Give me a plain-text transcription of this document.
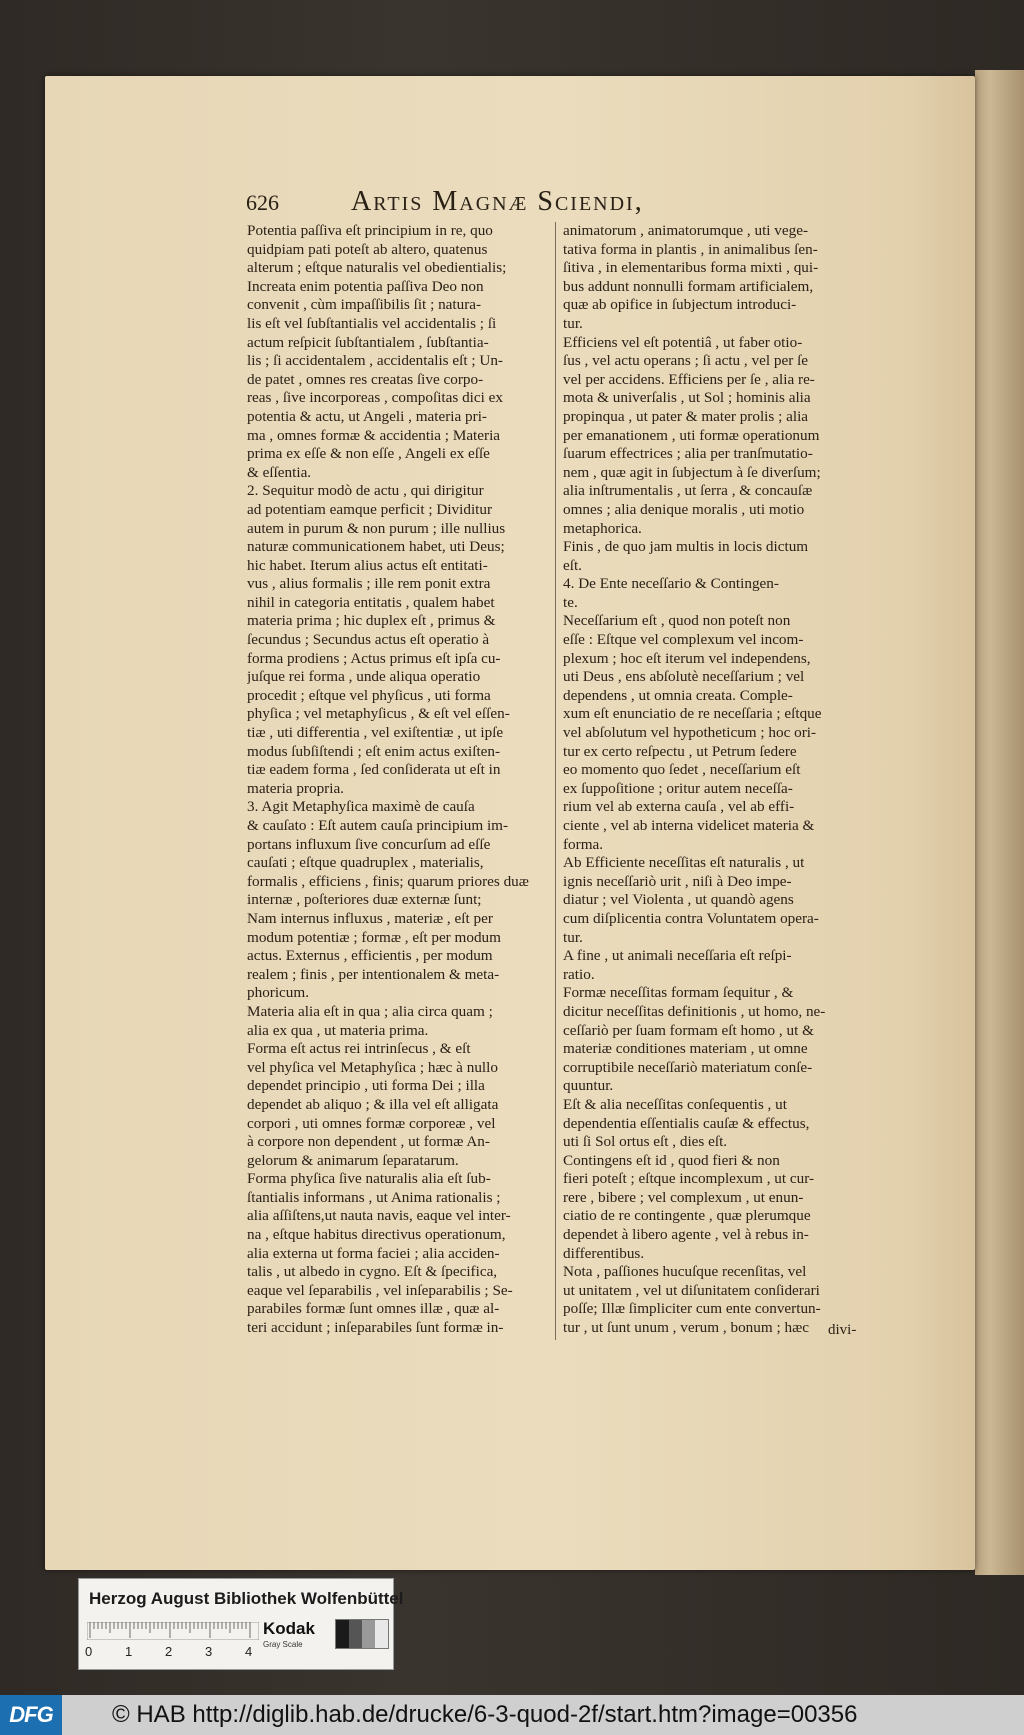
626	Artis Magnæ Sciendi,
Potentia paſſiva eſt principium in re, quo
quidpiam pati poteſt ab altero, quatenus
alterum ; eſtque naturalis vel obedientialis;
Increata enim potentia paſſiva Deo non
convenit , cùm impaſſibilis ſit ; natura-
lis eſt vel ſubſtantialis vel accidentalis ; ſi
actum reſpicit ſubſtantialem , ſubſtantia-
lis ; ſi accidentalem , accidentalis eſt ; Un-
de patet , omnes res creatas ſive corpo-
reas , ſive incorporeas , compoſitas dici ex
potentia & actu, ut Angeli , materia pri-
ma , omnes formæ & accidentia ; Materia
prima ex eſſe & non eſſe , Angeli ex eſſe
& eſſentia.
2. Sequitur modò de actu , qui dirigitur
ad potentiam eamque perficit ; Dividitur
autem in purum & non purum ; ille nullius
naturæ communicationem habet, uti Deus;
hic habet. Iterum alius actus eſt entitati-
vus , alius formalis ; ille rem ponit extra
nihil in categoria entitatis , qualem habet
materia prima ; hic duplex eſt , primus &
ſecundus ; Secundus actus eſt operatio à
forma prodiens ; Actus primus eſt ipſa cu-
juſque rei forma , unde aliqua operatio
procedit ; eſtque vel phyſicus , uti forma
phyſica ; vel metaphyſicus , & eſt vel eſſen-
tiæ , uti differentia , vel exiſtentiæ , ut ipſe
modus ſubſiſtendi ; eſt enim actus exiſten-
tiæ eadem forma , ſed conſiderata ut eſt in
materia propria.
3. Agit Metaphyſica maximè de cauſa
& cauſato : Eſt autem cauſa principium im-
portans influxum ſive concurſum ad eſſe
cauſati ; eſtque quadruplex , materialis,
formalis , efficiens , finis; quarum priores duæ
internæ , poſteriores duæ externæ ſunt;
Nam internus influxus , materiæ , eſt per
modum potentiæ ; formæ , eſt per modum
actus. Externus , efficientis , per modum
realem ; finis , per intentionalem & meta-
phoricum.
Materia alia eſt in qua ; alia circa quam ;
alia ex qua , ut materia prima.
Forma eſt actus rei intrinſecus , & eſt
vel phyſica vel Metaphyſica ; hæc à nullo
dependet principio , uti forma Dei ; illa
dependet ab aliquo ; & illa vel eſt alligata
corpori , uti omnes formæ corporeæ , vel
à corpore non dependent , ut formæ An-
gelorum & animarum ſeparatarum.
Forma phyſica ſive naturalis alia eſt ſub-
ſtantialis informans , ut Anima rationalis ;
alia aſſiſtens,ut nauta navis, eaque vel inter-
na , eſtque habitus directivus operationum,
alia externa ut forma faciei ; alia acciden-
talis , ut albedo in cygno. Eſt & ſpecifica,
eaque vel ſeparabilis , vel inſeparabilis ; Se-
parabiles formæ ſunt omnes illæ , quæ al-
teri accidunt ; inſeparabiles ſunt formæ in-
animatorum , animatorumque , uti vege-
tativa forma in plantis , in animalibus ſen-
ſitiva , in elementaribus forma mixti , qui-
bus addunt nonnulli formam artificialem,
quæ ab opifice in ſubjectum introduci-
tur.
Efficiens vel eſt potentiâ , ut faber otio-
ſus , vel actu operans ; ſi actu , vel per ſe
vel per accidens. Efficiens per ſe , alia re-
mota & univerſalis , ut Sol ; hominis alia
propinqua , ut pater & mater prolis ; alia
per emanationem , uti formæ operationum
ſuarum effectrices ; alia per tranſmutatio-
nem , quæ agit in ſubjectum à ſe diverſum;
alia inſtrumentalis , ut ſerra , & concauſæ
omnes ; alia denique moralis , uti motio
metaphorica.
Finis , de quo jam multis in locis dictum
eſt.
4. De Ente neceſſario & Contingen-
te.
Neceſſarium eſt , quod non poteſt non
eſſe : Eſtque vel complexum vel incom-
plexum ; hoc eſt iterum vel independens,
uti Deus , ens abſolutè neceſſarium ; vel
dependens , ut omnia creata. Comple-
xum eſt enunciatio de re neceſſaria ; eſtque
vel abſolutum vel hypotheticum ; hoc ori-
tur ex certo reſpectu , ut Petrum ſedere
eo momento quo ſedet , neceſſarium eſt
ex ſuppoſitione ; oritur autem neceſſa-
rium vel ab externa cauſa , vel ab effi-
ciente , vel ab interna videlicet materia &
forma.
Ab Efficiente neceſſitas eſt naturalis , ut
ignis neceſſariò urit , niſi à Deo impe-
diatur ; vel Violenta , ut quandò agens
cum diſplicentia contra Voluntatem opera-
tur.
A fine , ut animali neceſſaria eſt reſpi-
ratio.
Formæ neceſſitas formam ſequitur , &
dicitur neceſſitas definitionis , ut homo, ne-
ceſſariò per ſuam formam eſt homo , ut &
materiæ conditiones materiam , ut omne
corruptibile neceſſariò materiatum conſe-
quuntur.
Eſt & alia neceſſitas conſequentis , ut
dependentia eſſentialis cauſæ & effectus,
uti ſi Sol ortus eſt , dies eſt.
Contingens eſt id , quod fieri & non
fieri poteſt ; eſtque incomplexum , ut cur-
rere , bibere ; vel complexum , ut enun-
ciatio de re contingente , quæ plerumque
dependet à libero agente , vel à rebus in-
differentibus.
Nota , paſſiones hucuſque recenſitas, vel
ut unitatem , vel ut diſunitatem conſiderari
poſſe; Illæ ſimpliciter cum ente convertun-
tur , ut ſunt unum , verum , bonum ; hæc	divi-
Herzog August Bibliothek Wolfenbüttel
0	1	2	3	4
Kodak
Gray Scale
DFG	© HAB http://diglib.hab.de/drucke/6-3-quod-2f/start.htm?image=00356
